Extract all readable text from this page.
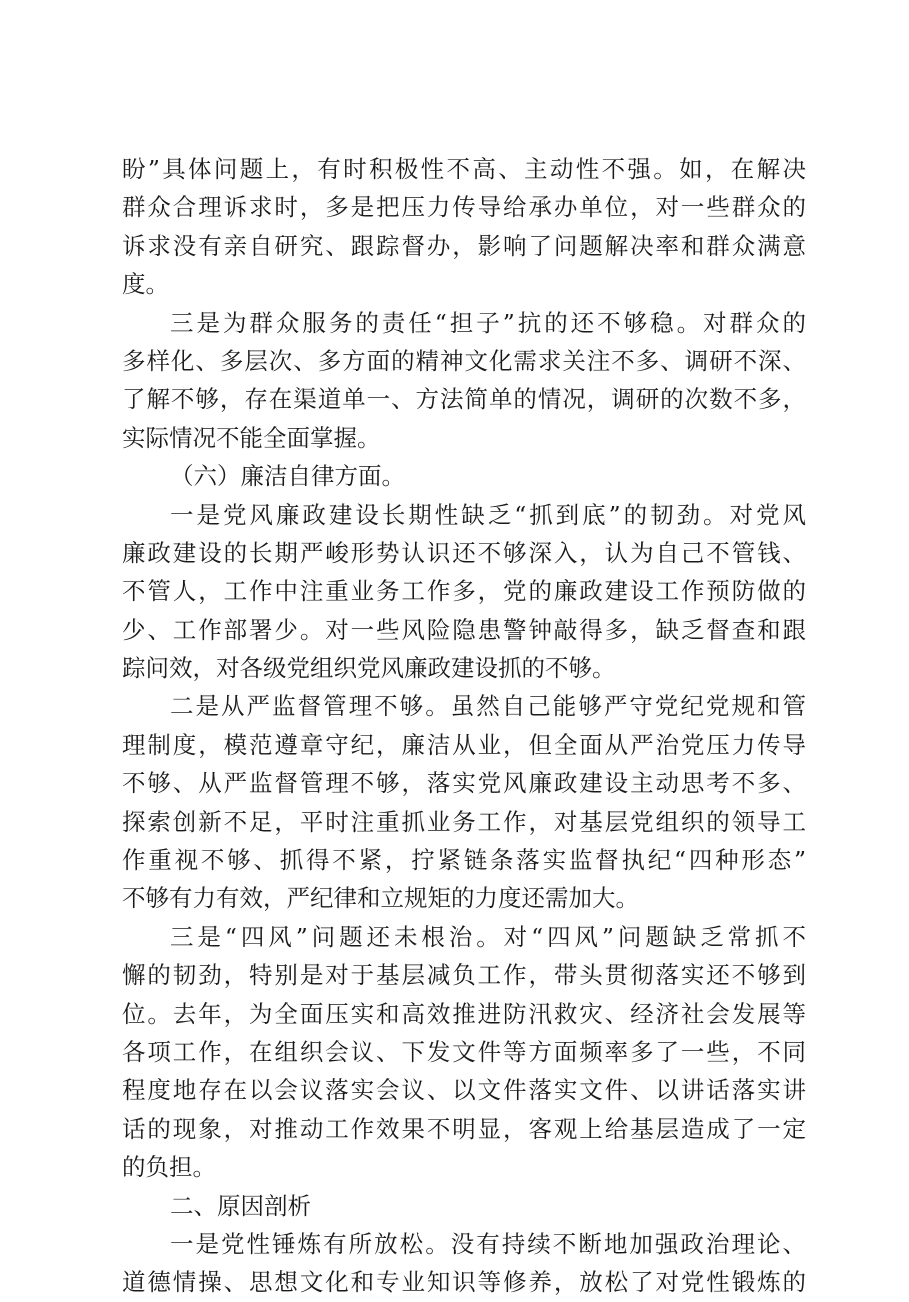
盼”具体问题上，有时积极性不高、主动性不强。如，在解决
群众合理诉求时，多是把压力传导给承办单位，对一些群众的
诉求没有亲自研究、跟踪督办，影响了问题解决率和群众满意
度。
三是为群众服务的责任“担子”抗的还不够稳。对群众的
多样化、多层次、多方面的精神文化需求关注不多、调研不深、
了解不够，存在渠道单一、方法简单的情况，调研的次数不多，
实际情况不能全面掌握。
（六）廉洁自律方面。
一是党风廉政建设长期性缺乏“抓到底”的韧劲。对党风
廉政建设的长期严峻形势认识还不够深入，认为自己不管钱、
不管人，工作中注重业务工作多，党的廉政建设工作预防做的
少、工作部署少。对一些风险隐患警钟敲得多，缺乏督查和跟
踪问效，对各级党组织党风廉政建设抓的不够。
二是从严监督管理不够。虽然自己能够严守党纪党规和管
理制度，模范遵章守纪，廉洁从业，但全面从严治党压力传导
不够、从严监督管理不够，落实党风廉政建设主动思考不多、
探索创新不足，平时注重抓业务工作，对基层党组织的领导工
作重视不够、抓得不紧，拧紧链条落实监督执纪“四种形态”
不够有力有效，严纪律和立规矩的力度还需加大。
三是“四风”问题还未根治。对“四风”问题缺乏常抓不
懈的韧劲，特别是对于基层减负工作，带头贯彻落实还不够到
位。去年，为全面压实和高效推进防汛救灾、经济社会发展等
各项工作，在组织会议、下发文件等方面频率多了一些，不同
程度地存在以会议落实会议、以文件落实文件、以讲话落实讲
话的现象，对推动工作效果不明显，客观上给基层造成了一定
的负担。
二、原因剖析
一是党性锤炼有所放松。没有持续不断地加强政治理论、
道德情操、思想文化和专业知识等修养，放松了对党性锻炼的
